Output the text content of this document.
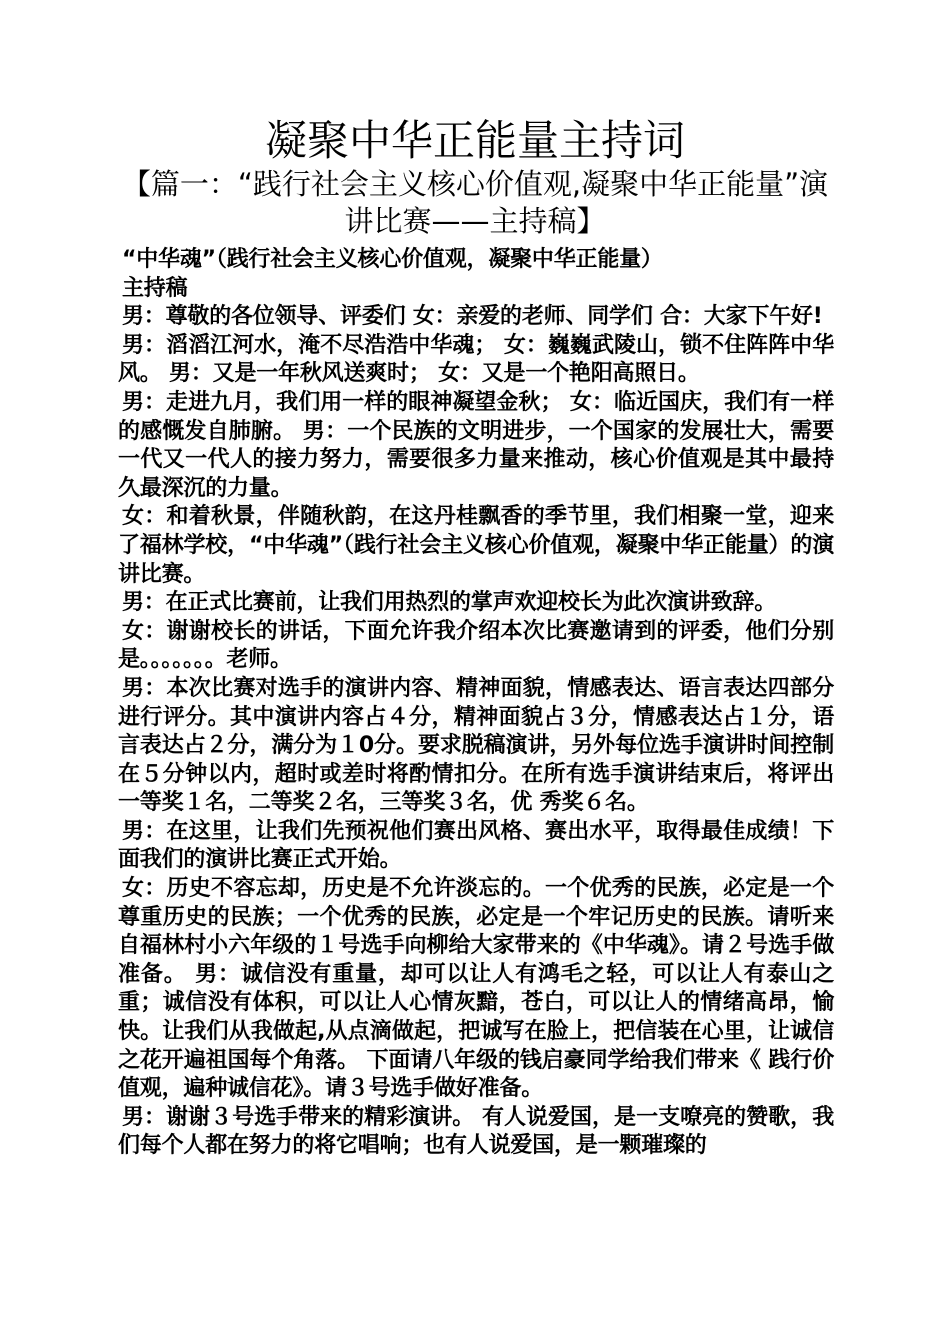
凝聚中华正能量主持词
【篇一：“践行社会主义核心价值观,凝聚中华正能量”演讲比赛——主持稿】

“中华魂”（践行社会主义核心价值观，凝聚中华正能量）

主持稿

男：尊敬的各位领导、评委们 女：亲爱的老师、同学们 合：大家下午好!

男：滔滔江河水，淹不尽浩浩中华魂； 女：巍巍武陵山，锁不住阵阵中华风。 男：又是一年秋风送爽时； 女：又是一个艳阳高照日。

男：走进九月，我们用一样的眼神凝望金秋； 女：临近国庆，我们有一样的感慨发自肺腑。 男：一个民族的文明进步，一个国家的发展壮大，需要一代又一代人的接力努力，需要很多力量来推动，核心价值观是其中最持久最深沉的力量。

女：和着秋景，伴随秋韵，在这丹桂飘香的季节里，我们相聚一堂，迎来了福林学校，“中华魂”（践行社会主义核心价值观，凝聚中华正能量）的演讲比赛。

男：在正式比赛前，让我们用热烈的掌声欢迎校长为此次演讲致辞。

女：谢谢校长的讲话，下面允许我介绍本次比赛邀请到的评委，他们分别是。。。。。。。老师。

男：本次比赛对选手的演讲内容、精神面貌，情感表达、语言表达四部分进行评分。其中演讲内容占４分，精神面貌占３分，情感表达占１分，语言表达占２分，满分为１0分。要求脱稿演讲，另外每位选手演讲时间控制在５分钟以内，超时或差时将酌情扣分。在所有选手演讲结束后，将评出一等奖１名，二等奖２名，三等奖３名，优 秀奖６名。

男：在这里，让我们先预祝他们赛出风格、赛出水平，取得最佳成绩！下面我们的演讲比赛正式开始。

女：历史不容忘却，历史是不允许淡忘的。一个优秀的民族，必定是一个尊重历史的民族；一个优秀的民族，必定是一个牢记历史的民族。请听来自福林村小六年级的１号选手向柳给大家带来的《中华魂》。请２号选手做准备。 男：诚信没有重量，却可以让人有鸿毛之轻，可以让人有泰山之重；诚信没有体积，可以让人心情灰黯，苍白，可以让人的情绪高昂，愉快。让我们从我做起,从点滴做起，把诚写在脸上，把信装在心里，让诚信之花开遍祖国每个角落。 下面请八年级的钱启豪同学给我们带来《 践行价值观，遍种诚信花》。请３号选手做好准备。

男：谢谢３号选手带来的精彩演讲。 有人说爱国，是一支嘹亮的赞歌，我们每个人都在努力的将它唱响；也有人说爱国，是一颗璀璨的
